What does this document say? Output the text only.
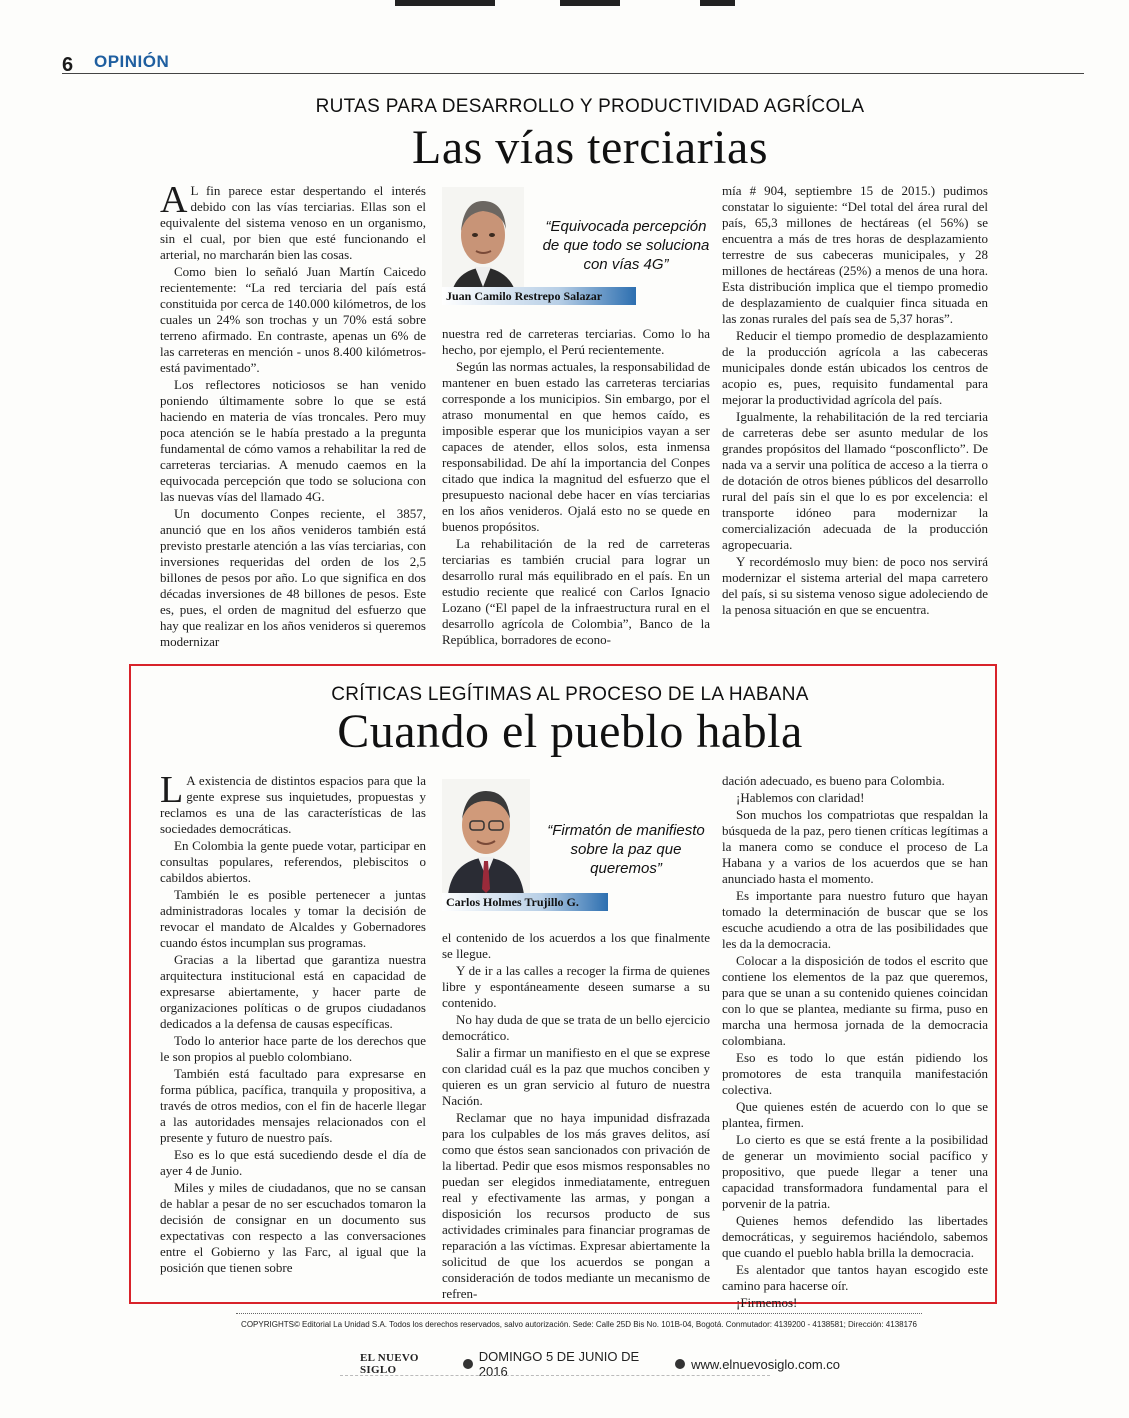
6 OPINIÓN
RUTAS PARA DESARROLLO Y PRODUCTIVIDAD AGRÍCOLA
Las vías terciarias

A L fin parece estar despertando el interés debido con las vías terciarias. Ellas son el equivalente del sistema venoso en un organismo, sin el cual, por bien que esté funcionando el arterial, no marcharán bien las cosas.

Como bien lo señaló Juan Martín Caicedo recientemente: “La red terciaria del país está constituida por cerca de 140.000 kilómetros, de los cuales un 24% son trochas y un 70% está sobre terreno afirmado. En contraste, apenas un 6% de las carreteras en mención - unos 8.400 kilómetros- está pavimentado”.

Los reflectores noticiosos se han venido poniendo últimamente sobre lo que se está haciendo en materia de vías troncales. Pero muy poca atención se le había prestado a la pregunta fundamental de cómo vamos a rehabilitar la red de carreteras terciarias. A menudo caemos en la equivocada percepción que todo se soluciona con las nuevas vías del llamado 4G.

Un documento Conpes reciente, el 3857, anunció que en los años venideros también está previsto prestarle atención a las vías terciarias, con inversiones requeridas del orden de los 2,5 billones de pesos por año. Lo que significa en dos décadas inversiones de 48 billones de pesos. Este es, pues, el orden de magnitud del esfuerzo que hay que realizar en los años venideros si queremos modernizar

“Equivocada percepción de que todo se soluciona con vías 4G”
Juan Camilo Restrepo Salazar

nuestra red de carreteras terciarias. Como lo ha hecho, por ejemplo, el Perú recientemente.

Según las normas actuales, la responsabilidad de mantener en buen estado las carreteras terciarias corresponde a los municipios. Sin embargo, por el atraso monumental en que hemos caído, es imposible esperar que los municipios vayan a ser capaces de atender, ellos solos, esta inmensa responsabilidad. De ahí la importancia del Conpes citado que indica la magnitud del esfuerzo que el presupuesto nacional debe hacer en vías terciarias en los años venideros. Ojalá esto no se quede en buenos propósitos.

La rehabilitación de la red de carreteras terciarias es también crucial para lograr un desarrollo rural más equilibrado en el país. En un estudio reciente que realicé con Carlos Ignacio Lozano (“El papel de la infraestructura rural en el desarrollo agrícola de Colombia”, Banco de la República, borradores de econo-

mía # 904, septiembre 15 de 2015.) pudimos constatar lo siguiente: “Del total del área rural del país, 65,3 millones de hectáreas (el 56%) se encuentra a más de tres horas de desplazamiento terrestre de sus cabeceras municipales, y 28 millones de hectáreas (25%) a menos de una hora. Esta distribución implica que el tiempo promedio de desplazamiento de cualquier finca situada en las zonas rurales del país sea de 5,37 horas”.

Reducir el tiempo promedio de desplazamiento de la producción agrícola a las cabeceras municipales donde están ubicados los centros de acopio es, pues, requisito fundamental para mejorar la productividad agrícola del país.

Igualmente, la rehabilitación de la red terciaria de carreteras debe ser asunto medular de los grandes propósitos del llamado “posconflicto”. De nada va a servir una política de acceso a la tierra o de dotación de otros bienes públicos del desarrollo rural del país sin el que lo es por excelencia: el transporte idóneo para modernizar la comercialización adecuada de la producción agropecuaria.

Y recordémoslo muy bien: de poco nos servirá modernizar el sistema arterial del mapa carretero del país, si su sistema venoso sigue adoleciendo de la penosa situación en que se encuentra.

CRÍTICAS LEGÍTIMAS AL PROCESO DE LA HABANA
Cuando el pueblo habla

L A existencia de distintos espacios para que la gente exprese sus inquietudes, propuestas y reclamos es una de las características de las sociedades democráticas.

En Colombia la gente puede votar, participar en consultas populares, referendos, plebiscitos o cabildos abiertos.

También le es posible pertenecer a juntas administradoras locales y tomar la decisión de revocar el mandato de Alcaldes y Gobernadores cuando éstos incumplan sus programas.

Gracias a la libertad que garantiza nuestra arquitectura institucional está en capacidad de expresarse abiertamente, y hacer parte de organizaciones políticas o de grupos ciudadanos dedicados a la defensa de causas específicas.

Todo lo anterior hace parte de los derechos que le son propios al pueblo colombiano.

También está facultado para expresarse en forma pública, pacífica, tranquila y propositiva, a través de otros medios, con el fin de hacerle llegar a las autoridades mensajes relacionados con el presente y futuro de nuestro país.

Eso es lo que está sucediendo desde el día de ayer 4 de Junio.

Miles y miles de ciudadanos, que no se cansan de hablar a pesar de no ser escuchados tomaron la decisión de consignar en un documento sus expectativas con respecto a las conversaciones entre el Gobierno y las Farc, al igual que la posición que tienen sobre

“Firmatón de manifiesto sobre la paz que queremos”
Carlos Holmes Trujillo G.

el contenido de los acuerdos a los que finalmente se llegue.

Y de ir a las calles a recoger la firma de quienes libre y espontáneamente deseen sumarse a su contenido.

No hay duda de que se trata de un bello ejercicio democrático.

Salir a firmar un manifiesto en el que se exprese con claridad cuál es la paz que muchos conciben y quieren es un gran servicio al futuro de nuestra Nación.

Reclamar que no haya impunidad disfrazada para los culpables de los más graves delitos, así como que éstos sean sancionados con privación de la libertad. Pedir que esos mismos responsables no puedan ser elegidos inmediatamente, entreguen real y efectivamente las armas, y pongan a disposición los recursos producto de sus actividades criminales para financiar programas de reparación a las víctimas. Expresar abiertamente la solicitud de que los acuerdos se pongan a consideración de todos mediante un mecanismo de refren-

dación adecuado, es bueno para Colombia.

¡Hablemos con claridad!

Son muchos los compatriotas que respaldan la búsqueda de la paz, pero tienen críticas legítimas a la manera como se conduce el proceso de La Habana y a varios de los acuerdos que se han anunciado hasta el momento.

Es importante para nuestro futuro que hayan tomado la determinación de buscar que se los escuche acudiendo a otra de las posibilidades que les da la democracia.

Colocar a la disposición de todos el escrito que contiene los elementos de la paz que queremos, para que se unan a su contenido quienes coincidan con lo que se plantea, mediante su firma, puso en marcha una hermosa jornada de la democracia colombiana.

Eso es todo lo que están pidiendo los promotores de esta tranquila manifestación colectiva.

Que quienes estén de acuerdo con lo que se plantea, firmen.

Lo cierto es que se está frente a la posibilidad de generar un movimiento social pacífico y propositivo, que puede llegar a tener una capacidad transformadora fundamental para el porvenir de la patria.

Quienes hemos defendido las libertades democráticas, y seguiremos haciéndolo, sabemos que cuando el pueblo habla brilla la democracia.

Es alentador que tantos hayan escogido este camino para hacerse oír.

¡Firmemos!

COPYRIGHTS© Editorial La Unidad S.A. Todos los derechos reservados, salvo autorización. Sede: Calle 25D Bis No. 101B-04, Bogotá. Conmutador: 4139200 - 4138581; Dirección: 4138176
EL NUEVO SIGLO
DOMINGO 5 DE JUNIO DE 2016	www.elnuevosiglo.com.co
